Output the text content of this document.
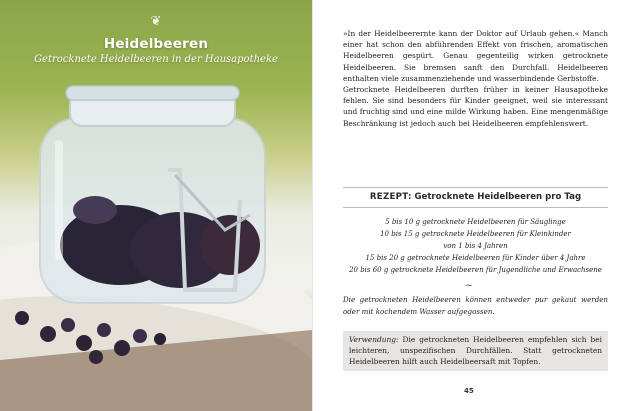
❦
Heidelbeeren
Getrocknete Heidelbeeren in der Hausapotheke

»In der Heidelbeerernte kann der Doktor auf Urlaub gehen.« Manch einer hat schon den abführenden Effekt von frischen, aromatischen Heidelbeeren gespürt. Genau gegenteilig wirken getrocknete Heidelbeeren. Sie bremsen sanft den Durchfall. Heidelbeeren enthalten viele zusammenziehende und wasserbindende Gerbstoffe.

Getrocknete Heidelbeeren durften früher in keiner Hausapotheke fehlen. Sie sind besonders für Kinder geeignet, weil sie interessant und fruchtig sind und eine milde Wirkung haben. Eine mengenmäßige Beschränkung ist jedoch auch bei Heidelbeeren empfehlenswert.

REZEPT: Getrocknete Heidelbeeren pro Tag
5 bis 10 g getrocknete Heidelbeeren für Säuglinge
10 bis 15 g getrocknete Heidelbeeren für Kleinkinder
von 1 bis 4 Jahren
15 bis 20 g getrocknete Heidelbeeren für Kinder über 4 Jahre
20 bis 60 g getrocknete Heidelbeeren für Jugendliche und Erwachsene
~

Die getrockneten Heidelbeeren können entweder pur gekaut werden oder mit kochendem Wasser aufgegossen.

Verwendung: Die getrockneten Heidelbeeren empfehlen sich bei leichteren, unspezifischen Durchfällen. Statt getrockneten Heidelbeeren hilft auch Heidelbeersaft mit Topfen.
45
